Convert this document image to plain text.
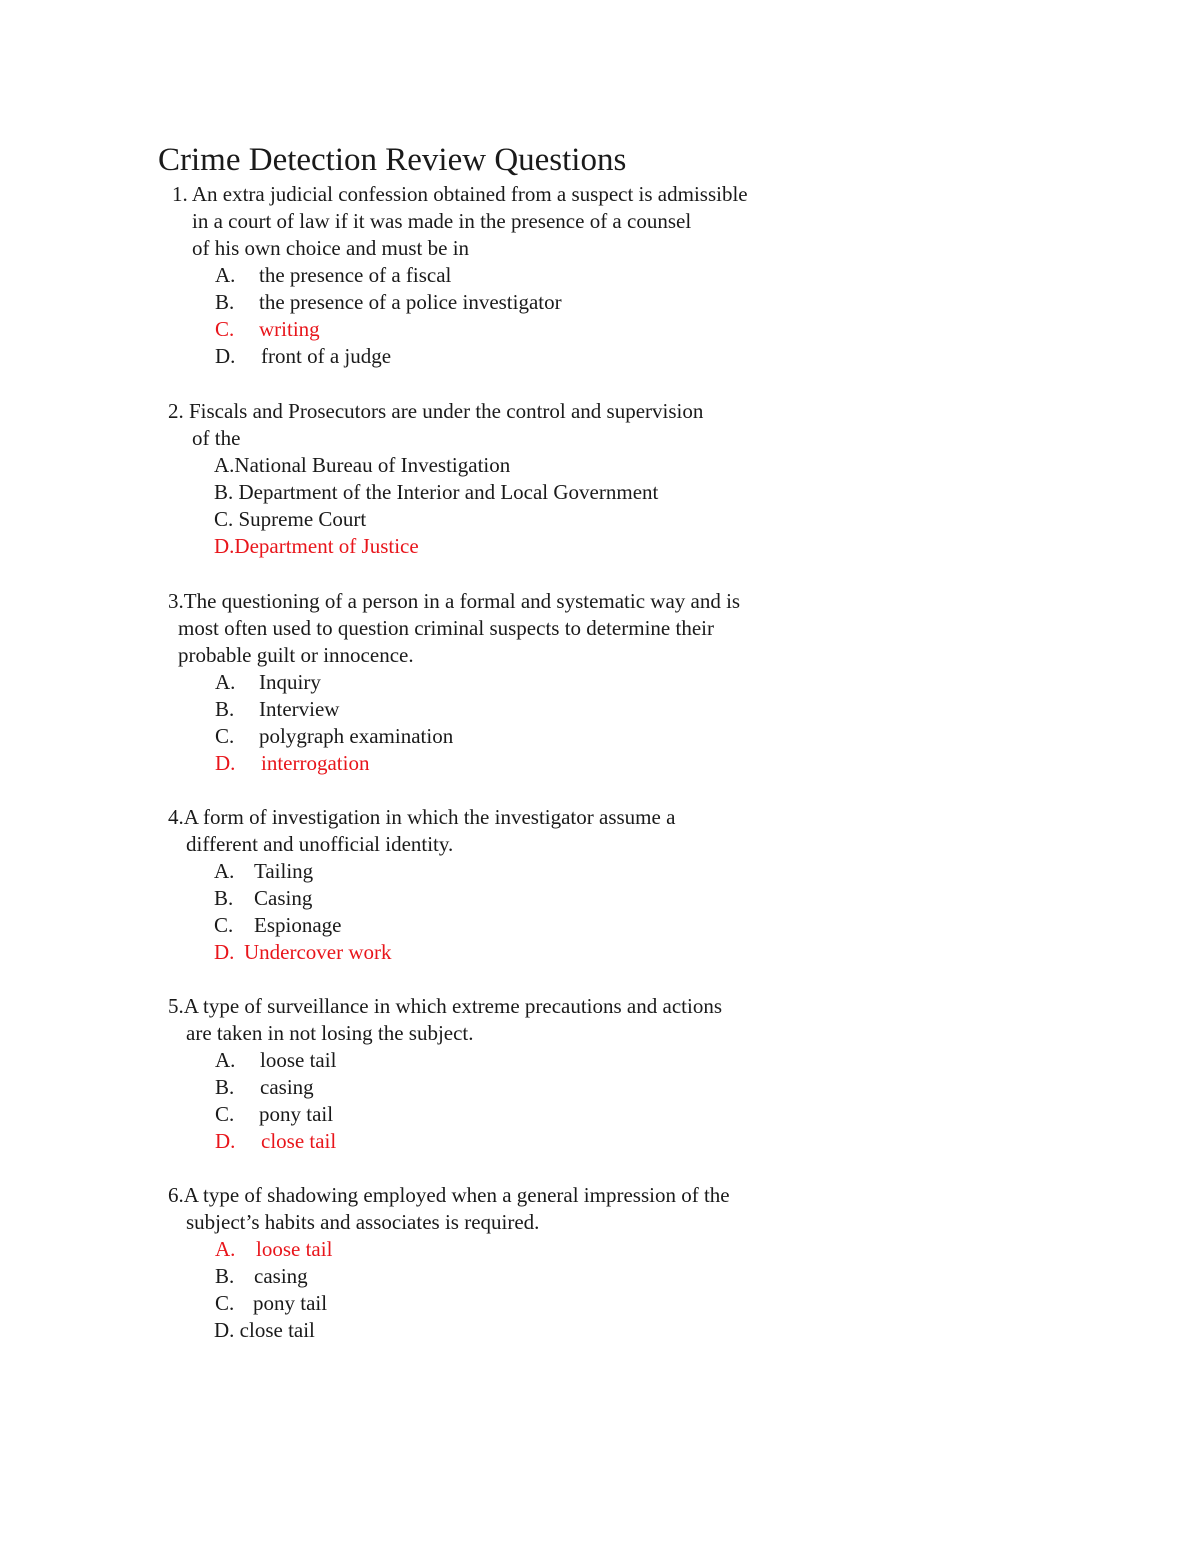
Crime Detection Review Questions
1. An extra judicial confession obtained from a suspect is admissible
in a court of law if it was made in the presence of a counsel
of his own choice and must be in
A. the presence of a fiscal
B. the presence of a police investigator
C. writing
D. front of a judge
2. Fiscals and Prosecutors are under the control and supervision
of the
A.National Bureau of Investigation
B. Department of the Interior and Local Government
C. Supreme Court
D.Department of Justice
3.The questioning of a person in a formal and systematic way and is
most often used to question criminal suspects to determine their
probable guilt or innocence.
A. Inquiry
B. Interview
C. polygraph examination
D. interrogation
4.A form of investigation in which the investigator assume a
different and unofficial identity.
A. Tailing
B. Casing
C. Espionage
D. Undercover work
5.A type of surveillance in which extreme precautions and actions
are taken in not losing the subject.
A. loose tail
B. casing
C. pony tail
D. close tail
6.A type of shadowing employed when a general impression of the
subject’s habits and associates is required.
A. loose tail
B. casing
C. pony tail
D. close tail
